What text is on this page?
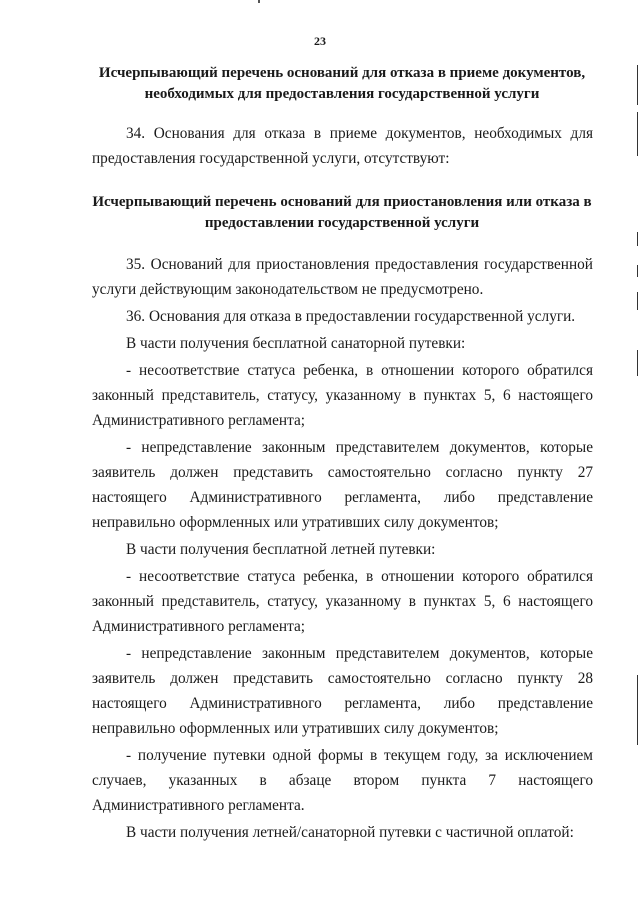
23
Исчерпывающий перечень оснований для отказа в приеме документов, необходимых для предоставления государственной услуги

34. Основания для отказа в приеме документов, необходимых для предоставления государственной услуги, отсутствуют:

Исчерпывающий перечень оснований для приостановления или отказа в предоставлении государственной услуги

35. Оснований для приостановления предоставления государственной услуги действующим законодательством не предусмотрено.

36. Основания для отказа в предоставлении государственной услуги.

В части получения бесплатной санаторной путевки:

- несоответствие статуса ребенка, в отношении которого обратился законный представитель, статусу, указанному в пунктах 5, 6 настоящего Административного регламента;

- непредставление законным представителем документов, которые заявитель должен представить самостоятельно согласно пункту 27 настоящего Административного регламента, либо представление неправильно оформленных или утративших силу документов;

В части получения бесплатной летней путевки:

- несоответствие статуса ребенка, в отношении которого обратился законный представитель, статусу, указанному в пунктах 5, 6 настоящего Административного регламента;

- непредставление законным представителем документов, которые заявитель должен представить самостоятельно согласно пункту 28 настоящего Административного регламента, либо представление неправильно оформленных или утративших силу документов;

- получение путевки одной формы в текущем году, за исключением случаев, указанных в абзаце втором пункта 7 настоящего Административного регламента.

В части получения летней/санаторной путевки с частичной оплатой:
